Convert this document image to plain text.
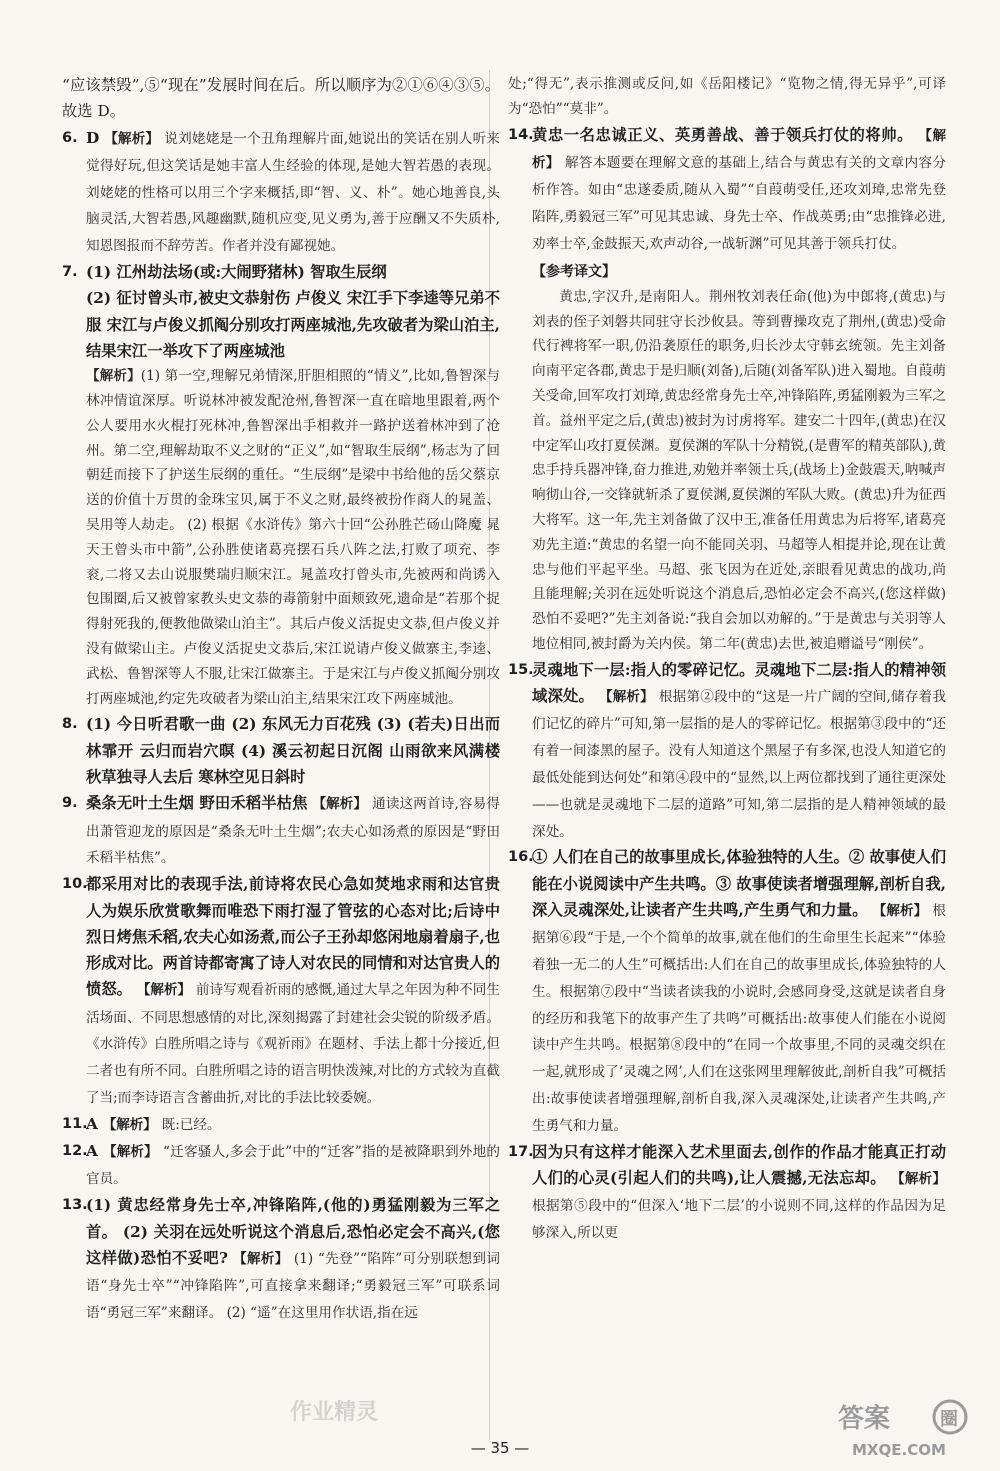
“应该禁毁”,⑤“现在”发展时间在后。所以顺序为②①⑥④③⑤。故选 D。
6. D 【解析】 说刘姥姥是一个丑角理解片面,她说出的笑话在别人听来觉得好玩,但这笑话是她丰富人生经验的体现,是她大智若愚的表现。刘姥姥的性格可以用三个字来概括,即“智、义、朴”。她心地善良,头脑灵活,大智若愚,风趣幽默,随机应变,见义勇为,善于应酬又不失质朴,知恩图报而不辞劳苦。作者并没有鄙视她。
7. (1) 江州劫法场(或:大闹野猪林) 智取生辰纲
(2) 征讨曾头市,被史文恭射伤 卢俊义 宋江手下李逵等兄弟不服 宋江与卢俊义抓阄分别攻打两座城池,先攻破者为梁山泊主,结果宋江一举攻下了两座城池
【解析】(1) 第一空,理解兄弟情深,肝胆相照的“情义”,比如,鲁智深与林冲情谊深厚。听说林冲被发配沧州,鲁智深一直在暗地里跟着,两个公人要用水火棍打死林冲,鲁智深出手相救并一路护送着林冲到了沧州。第二空,理解劫取不义之财的“正义”,如“智取生辰纲”,杨志为了回朝廷而接下了护送生辰纲的重任。“生辰纲”是梁中书给他的岳父蔡京送的价值十万贯的金珠宝贝,属于不义之财,最终被扮作商人的晁盖、吴用等人劫走。 (2) 根据《水浒传》第六十回“公孙胜芒砀山降魔 晁天王曾头市中箭”,公孙胜使诸葛亮摆石兵八阵之法,打败了项充、李衮,二将又去山说服樊瑞归顺宋江。晁盖攻打曾头市,先被两和尚诱入包围圈,后又被曾家教头史文恭的毒箭射中面颊致死,遗命是“若那个捉得射死我的,便教他做梁山泊主”。其后卢俊义活捉史文恭,但卢俊义并没有做梁山主。卢俊义活捉史文恭后,宋江说请卢俊义做寨主,李逵、武松、鲁智深等人不服,让宋江做寨主。于是宋江与卢俊义抓阄分别攻打两座城池,约定先攻破者为梁山泊主,结果宋江攻下两座城池。
8. (1) 今日听君歌一曲 (2) 东风无力百花残 (3) (若夫)日出而林霏开 云归而岩穴暝 (4) 溪云初起日沉阁 山雨欲来风满楼 秋草独寻人去后 寒林空见日斜时
9. 桑条无叶土生烟 野田禾稻半枯焦 【解析】 通读这两首诗,容易得出萧管迎龙的原因是“桑条无叶土生烟”;农夫心如汤煮的原因是“野田禾稻半枯焦”。
10.
都采用对比的表现手法,前诗将农民心急如焚地求雨和达官贵人为娱乐欣赏歌舞而唯恐下雨打湿了管弦的心态对比;后诗中烈日烤焦禾稻,农夫心如汤煮,而公子王孙却悠闲地扇着扇子,也形成对比。两首诗都寄寓了诗人对农民的同情和对达官贵人的愤怒。 【解析】 前诗写观看祈雨的感慨,通过大旱之年因为种不同生活场面、不同思想感情的对比,深刻揭露了封建社会尖锐的阶级矛盾。《水浒传》白胜所唱之诗与《观祈雨》在题材、手法上都十分接近,但二者也有所不同。白胜所唱之诗的语言明快泼辣,对比的方式较为直截了当;而李诗语言含蓄曲折,对比的手法比较委婉。
11.
A 【解析】 既:已经。
12.
A 【解析】 “迁客骚人,多会于此”中的“迁客”指的是被降职到外地的官员。
13.
(1) 黄忠经常身先士卒,冲锋陷阵,(他的)勇猛刚毅为三军之首。 (2) 关羽在远处听说这个消息后,恐怕必定会不高兴,(您这样做)恐怕不妥吧? 【解析】 (1) “先登”“陷阵”可分别联想到词语“身先士卒”“冲锋陷阵”,可直接拿来翻译;“勇毅冠三军”可联系词语“勇冠三军”来翻译。 (2) “遥”在这里用作状语,指在远
处;“得无”,表示推测或反问,如《岳阳楼记》“览物之情,得无异乎”,可译为“恐怕”“莫非”。
14.
黄忠一名忠诚正义、英勇善战、善于领兵打仗的将帅。 【解析】 解答本题要在理解文意的基础上,结合与黄忠有关的文章内容分析作答。如由“忠遂委质,随从入蜀”“自葭萌受任,还攻刘璋,忠常先登陷阵,勇毅冠三军”可见其忠诚、身先士卒、作战英勇;由“忠推锋必进,劝率士卒,金鼓振天,欢声动谷,一战斩渊”可见其善于领兵打仗。
【参考译文】
黄忠,字汉升,是南阳人。荆州牧刘表任命(他)为中郎将,(黄忠)与刘表的侄子刘磐共同驻守长沙攸县。等到曹操攻克了荆州,(黄忠)受命代行裨将军一职,仍沿袭原任的职务,归长沙太守韩玄统领。先主刘备向南平定各郡,黄忠于是归顺(刘备),后随(刘备军队)进入蜀地。自葭萌关受命,回军攻打刘璋,黄忠经常身先士卒,冲锋陷阵,勇猛刚毅为三军之首。益州平定之后,(黄忠)被封为讨虏将军。建安二十四年,(黄忠)在汉中定军山攻打夏侯渊。夏侯渊的军队十分精锐,(是曹军的精英部队),黄忠手持兵器冲锋,奋力推进,劝勉并率领士兵,(战场上)金鼓震天,呐喊声响彻山谷,一交锋就斩杀了夏侯渊,夏侯渊的军队大败。(黄忠)升为征西大将军。这一年,先主刘备做了汉中王,准备任用黄忠为后将军,诸葛亮劝先主道:“黄忠的名望一向不能同关羽、马超等人相提并论,现在让黄忠与他们平起平坐。马超、张飞因为在近处,亲眼看见黄忠的战功,尚且能理解;关羽在远处听说这个消息后,恐怕必定会不高兴,(您这样做)恐怕不妥吧?”先主刘备说:“我自会加以劝解的。”于是黄忠与关羽等人地位相同,被封爵为关内侯。第二年(黄忠)去世,被追赠谥号“刚侯”。
15.
灵魂地下一层:指人的零碎记忆。灵魂地下二层:指人的精神领域深处。 【解析】 根据第②段中的“这是一片广阔的空间,储存着我们记忆的碎片”可知,第一层指的是人的零碎记忆。根据第③段中的“还有着一间漆黑的屋子。没有人知道这个黑屋子有多深,也没人知道它的最低处能到达何处”和第④段中的“显然,以上两位都找到了通往更深处——也就是灵魂地下二层的道路”可知,第二层指的是人精神领域的最深处。
16.
① 人们在自己的故事里成长,体验独特的人生。② 故事使人们能在小说阅读中产生共鸣。③ 故事使读者增强理解,剖析自我,深入灵魂深处,让读者产生共鸣,产生勇气和力量。 【解析】 根据第⑥段“于是,一个个简单的故事,就在他们的生命里生长起来”“体验着独一无二的人生”可概括出:人们在自己的故事里成长,体验独特的人生。根据第⑦段中“当读者读我的小说时,会感同身受,这就是读者自身的经历和我笔下的故事产生了共鸣”可概括出:故事使人们能在小说阅读中产生共鸣。根据第⑧段中的“在同一个故事里,不同的灵魂交织在一起,就形成了‘灵魂之网’,人们在这张网里理解彼此,剖析自我”可概括出:故事使读者增强理解,剖析自我,深入灵魂深处,让读者产生共鸣,产生勇气和力量。
17.
因为只有这样才能深入艺术里面去,创作的作品才能真正打动人们的心灵(引起人们的共鸣),让人震撼,无法忘却。 【解析】 根据第⑤段中的“但深入‘地下二层’的小说则不同,这样的作品因为足够深入,所以更
作业精灵
— 35 —
答案	圈
MXQE.COM
